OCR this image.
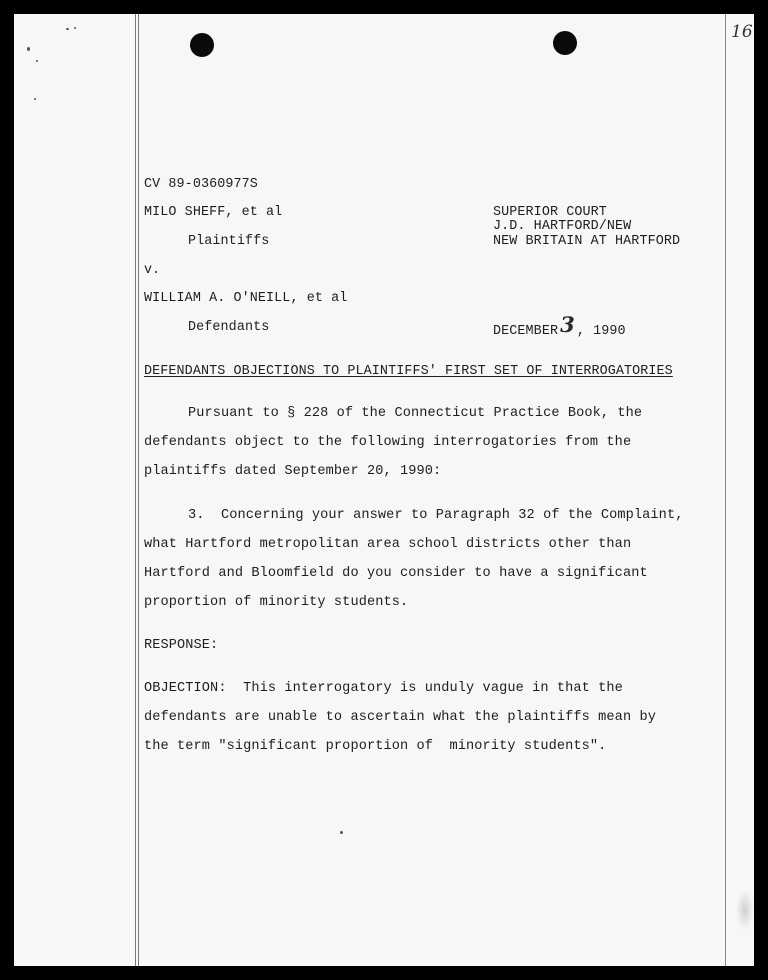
16
CV 89-0360977S
MILO SHEFF, et al
Plaintiffs
v.
WILLIAM A. O'NEILL, et al
Defendants
SUPERIOR COURT
J.D. HARTFORD/NEW
NEW BRITAIN AT HARTFORD
DECEMBER3 , 1990
DEFENDANTS OBJECTIONS TO PLAINTIFFS' FIRST SET OF INTERROGATORIES
Pursuant to § 228 of the Connecticut Practice Book, the
defendants object to the following interrogatories from the
plaintiffs dated September 20, 1990:
3.  Concerning your answer to Paragraph 32 of the Complaint,
what Hartford metropolitan area school districts other than
Hartford and Bloomfield do you consider to have a significant
proportion of minority students.
RESPONSE:
OBJECTION:  This interrogatory is unduly vague in that the
defendants are unable to ascertain what the plaintiffs mean by
the term "significant proportion of  minority students".
